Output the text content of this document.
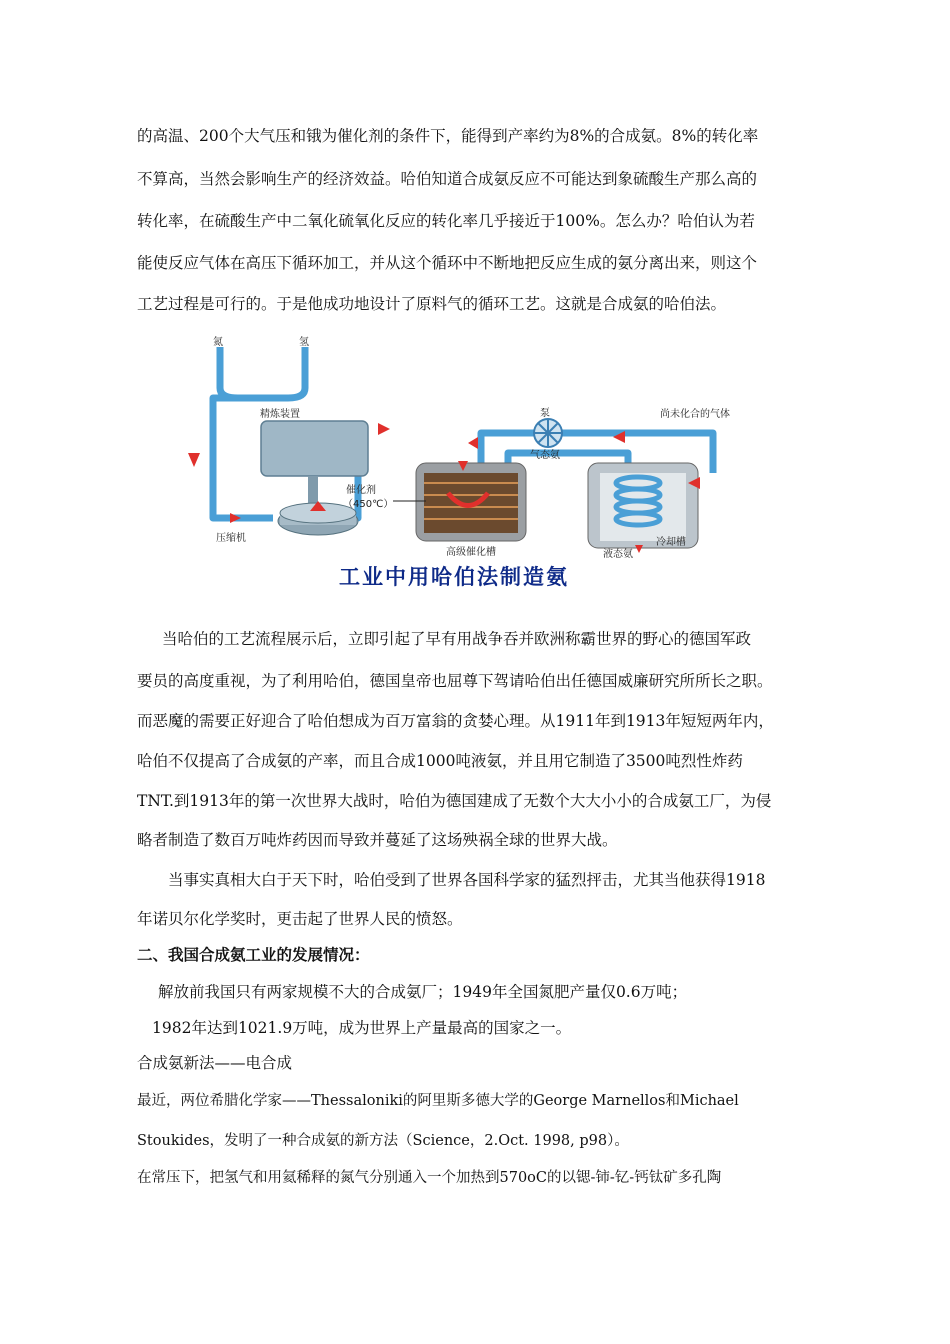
的高温、200个大气压和锇为催化剂的条件下，能得到产率约为8%的合成氨。8%的转化率
不算高，当然会影响生产的经济效益。哈伯知道合成氨反应不可能达到象硫酸生产那么高的
转化率，在硫酸生产中二氧化硫氧化反应的转化率几乎接近于100%。怎么办？哈伯认为若
能使反应气体在高压下循环加工，并从这个循环中不断地把反应生成的氨分离出来，则这个
工艺过程是可行的。于是他成功地设计了原料气的循环工艺。这就是合成氨的哈伯法。
氮	氢
精炼装置	泵	尚未化合的气体
气态氨
催化剂
（450℃）
压缩机
高级催化槽
冷却槽
液态氨
工业中用哈伯法制造氨
当哈伯的工艺流程展示后，立即引起了早有用战争吞并欧洲称霸世界的野心的德国军政
要员的高度重视，为了利用哈伯，德国皇帝也屈尊下驾请哈伯出任德国威廉研究所所长之职。
而恶魔的需要正好迎合了哈伯想成为百万富翁的贪婪心理。从1911年到1913年短短两年内，
哈伯不仅提高了合成氨的产率，而且合成1000吨液氨，并且用它制造了3500吨烈性炸药
TNT.到1913年的第一次世界大战时，哈伯为德国建成了无数个大大小小的合成氨工厂，为侵
略者制造了数百万吨炸药因而导致并蔓延了这场殃祸全球的世界大战。
当事实真相大白于天下时，哈伯受到了世界各国科学家的猛烈抨击，尤其当他获得1918
年诺贝尔化学奖时，更击起了世界人民的愤怒。
二、我国合成氨工业的发展情况：
解放前我国只有两家规模不大的合成氨厂；1949年全国氮肥产量仅0.6万吨；
1982年达到1021.9万吨，成为世界上产量最高的国家之一。
合成氨新法——电合成
最近，两位希腊化学家——Thessaloniki的阿里斯多德大学的George Marnellos和Michael
Stoukides，发明了一种合成氨的新方法（Science，2.Oct. 1998, p98）。
在常压下，把氢气和用氦稀释的氮气分别通入一个加热到570oC的以锶-铈-钇-钙钛矿多孔陶
